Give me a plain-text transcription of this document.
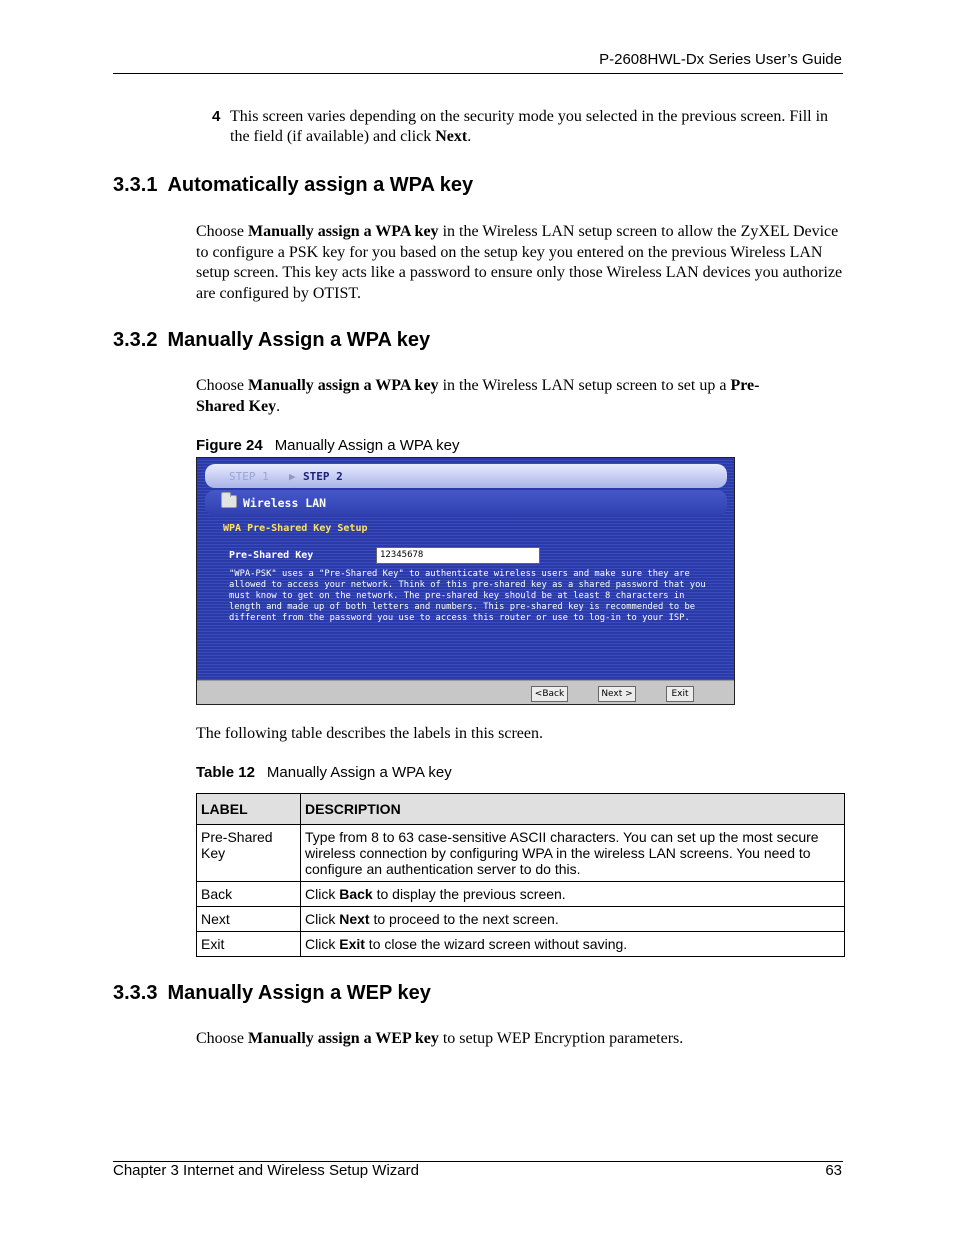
P-2608HWL-Dx Series User’s Guide
4 This screen varies depending on the security mode you selected in the previous screen. Fill in the field (if available) and click Next.
3.3.1 Automatically assign a WPA key
Choose Manually assign a WPA key in the Wireless LAN setup screen to allow the ZyXEL Device to configure a PSK key for you based on the setup key you entered on the previous Wireless LAN setup screen. This key acts like a password to ensure only those Wireless LAN devices you authorize are configured by OTIST.
3.3.2 Manually Assign a WPA key
Choose Manually assign a WPA key in the Wireless LAN setup screen to set up a Pre-Shared Key.
Figure 24 Manually Assign a WPA key
STEP 1 ▶ STEP 2
Wireless LAN
WPA Pre-Shared Key Setup
Pre-Shared Key	12345678
"WPA-PSK" uses a "Pre-Shared Key" to authenticate wireless users and make sure they are allowed to access your network. Think of this pre-shared key as a shared password that you must know to get on the network. The pre-shared key should be at least 8 characters in length and made up of both letters and numbers. This pre-shared key is recommended to be different from the password you use to access this router or use to log-in to your ISP.
<Back	Next >	Exit
The following table describes the labels in this screen.
Table 12 Manually Assign a WPA key
LABEL	DESCRIPTION
Pre-Shared Key	Type from 8 to 63 case-sensitive ASCII characters. You can set up the most secure wireless connection by configuring WPA in the wireless LAN screens. You need to configure an authentication server to do this.
Back	Click Back to display the previous screen.
Next	Click Next to proceed to the next screen.
Exit	Click Exit to close the wizard screen without saving.
3.3.3 Manually Assign a WEP key
Choose Manually assign a WEP key to setup WEP Encryption parameters.
Chapter 3 Internet and Wireless Setup Wizard	63
